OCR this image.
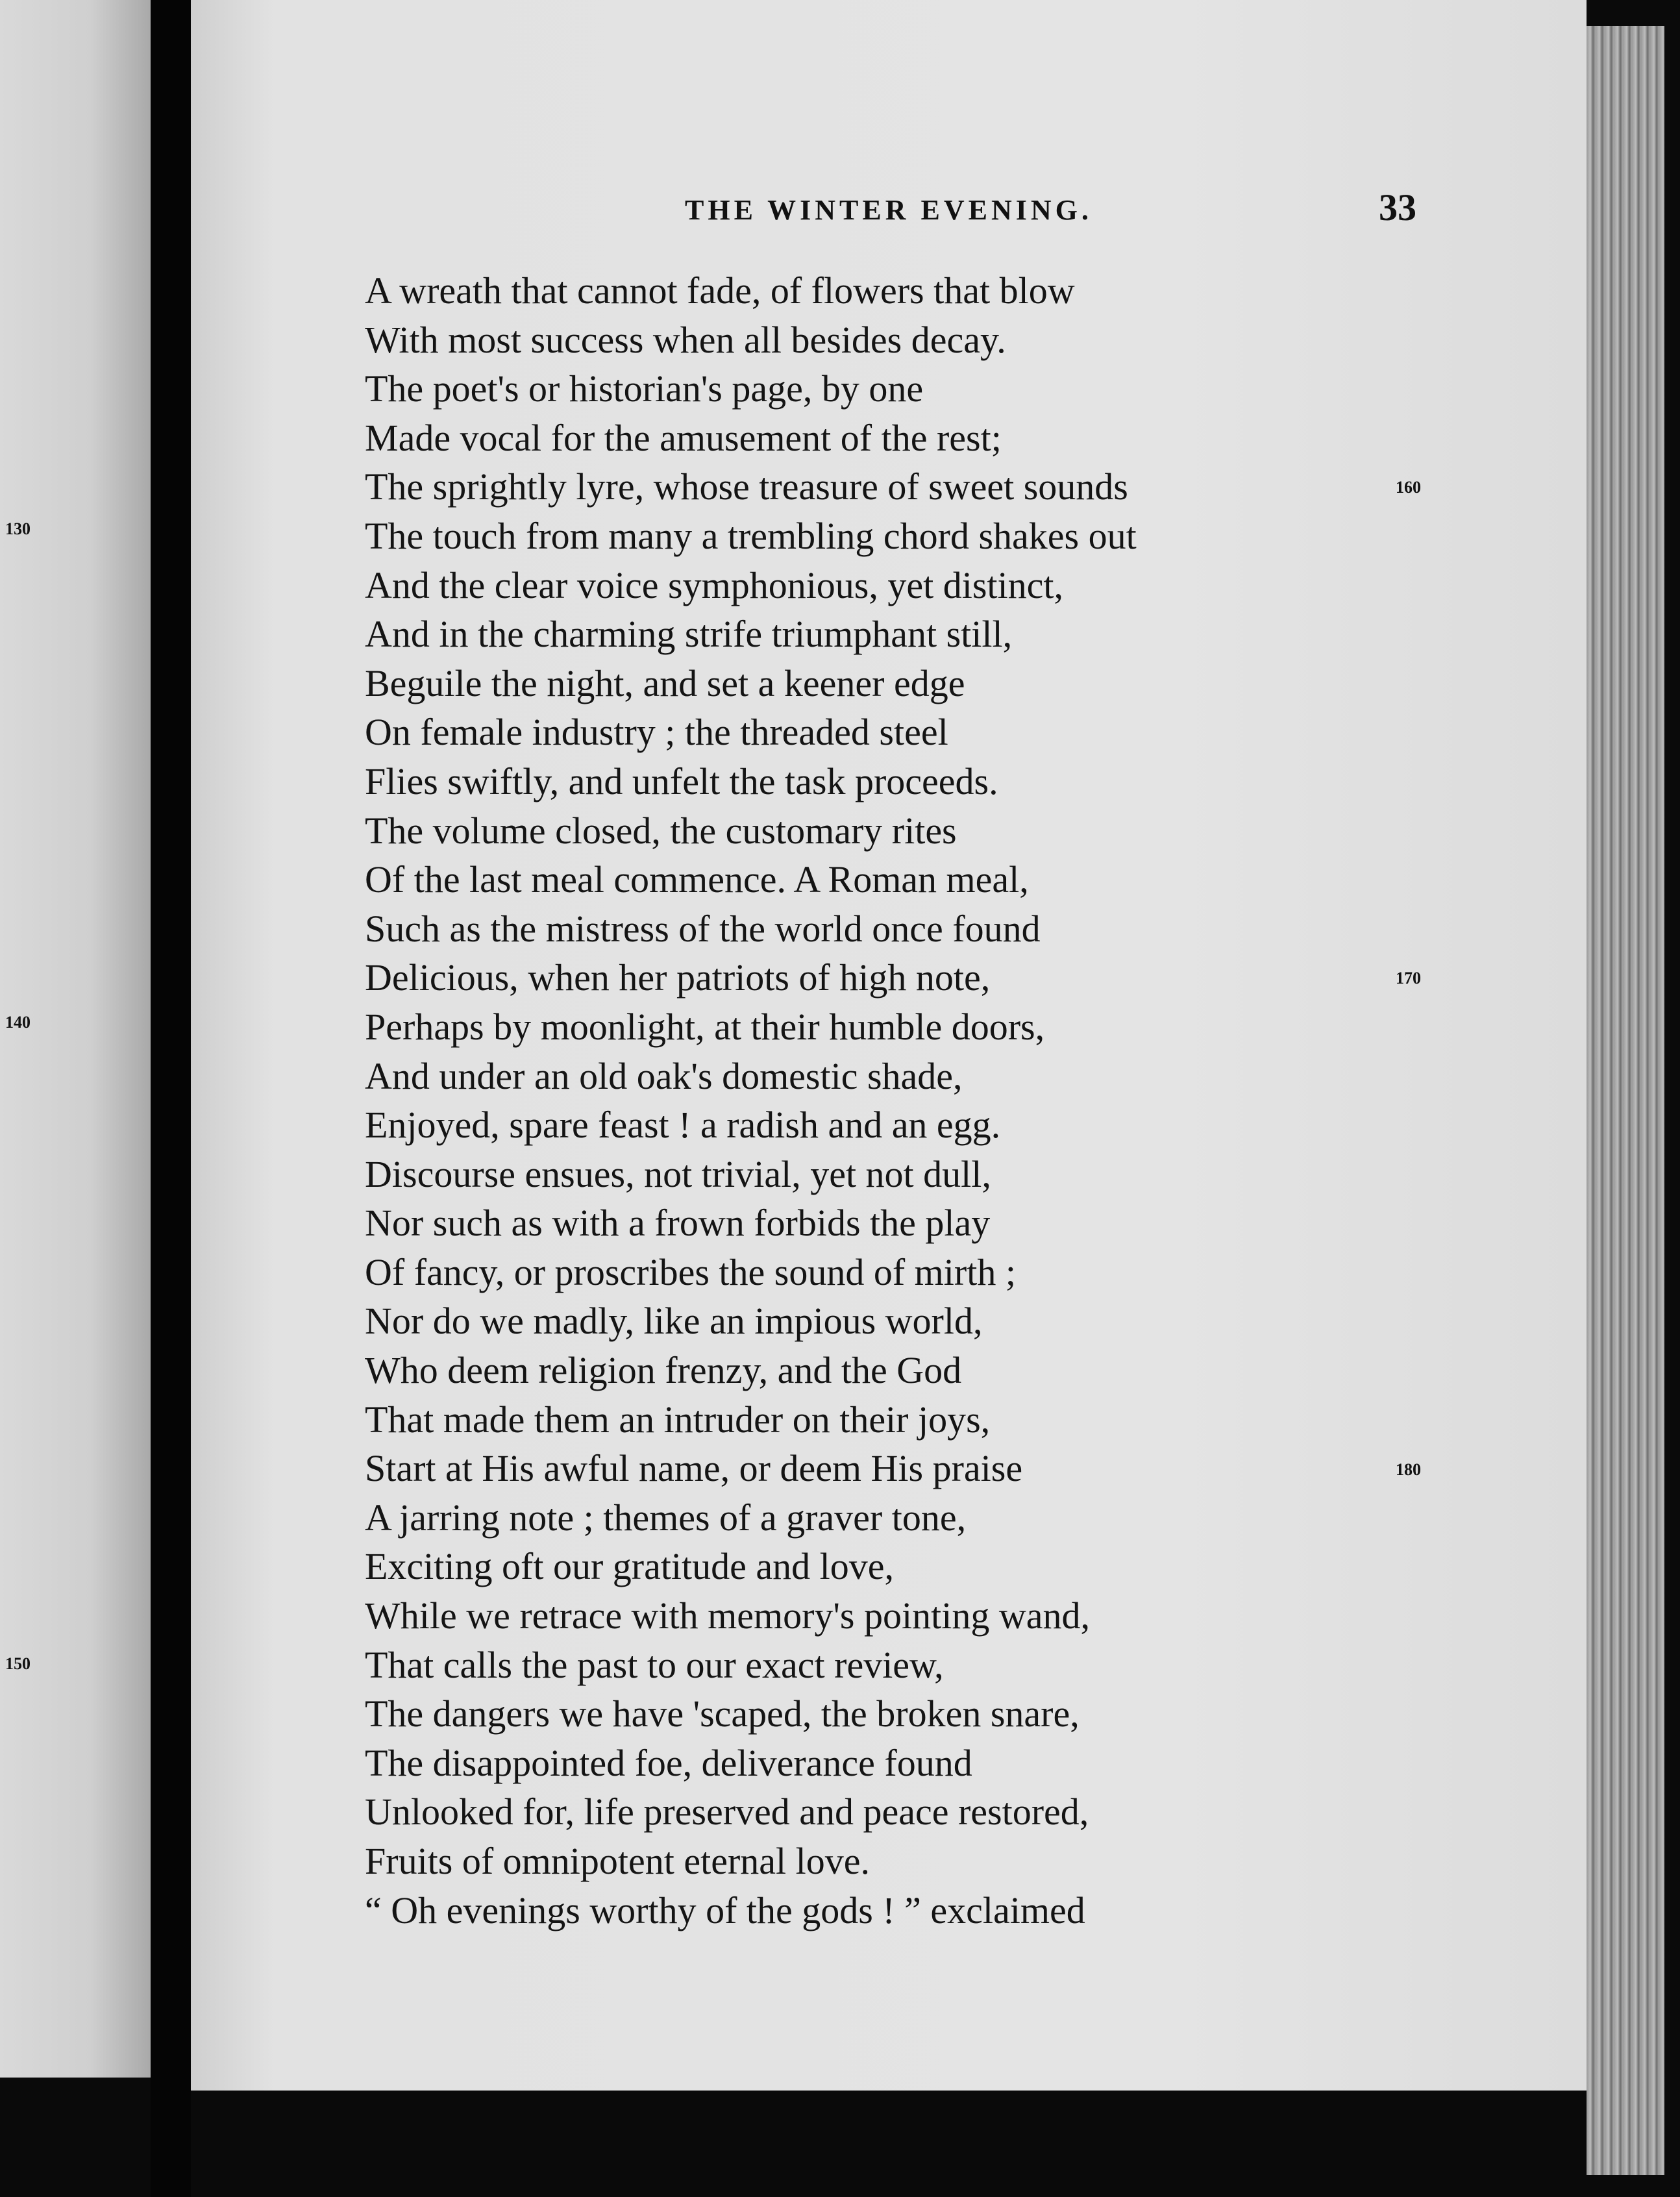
THE WINTER EVENING.	33
A wreath that cannot fade, of flowers that blow
With most success when all besides decay.
The poet's or historian's page, by one
Made vocal for the amusement of the rest;
The sprightly lyre, whose treasure of sweet sounds
The touch from many a trembling chord shakes out
And the clear voice symphonious, yet distinct,
And in the charming strife triumphant still,
Beguile the night, and set a keener edge
On female industry ; the threaded steel
Flies swiftly, and unfelt the task proceeds.
The volume closed, the customary rites
Of the last meal commence. A Roman meal,
Such as the mistress of the world once found
Delicious, when her patriots of high note,
Perhaps by moonlight, at their humble doors,
And under an old oak's domestic shade,
Enjoyed, spare feast ! a radish and an egg.
Discourse ensues, not trivial, yet not dull,
Nor such as with a frown forbids the play
Of fancy, or proscribes the sound of mirth ;
Nor do we madly, like an impious world,
Who deem religion frenzy, and the God
That made them an intruder on their joys,
Start at His awful name, or deem His praise
A jarring note ; themes of a graver tone,
Exciting oft our gratitude and love,
While we retrace with memory's pointing wand,
That calls the past to our exact review,
The dangers we have 'scaped, the broken snare,
The disappointed foe, deliverance found
Unlooked for, life preserved and peace restored,
Fruits of omnipotent eternal love.
“ Oh evenings worthy of the gods ! ” exclaimed
160
170
180
130
140
150
